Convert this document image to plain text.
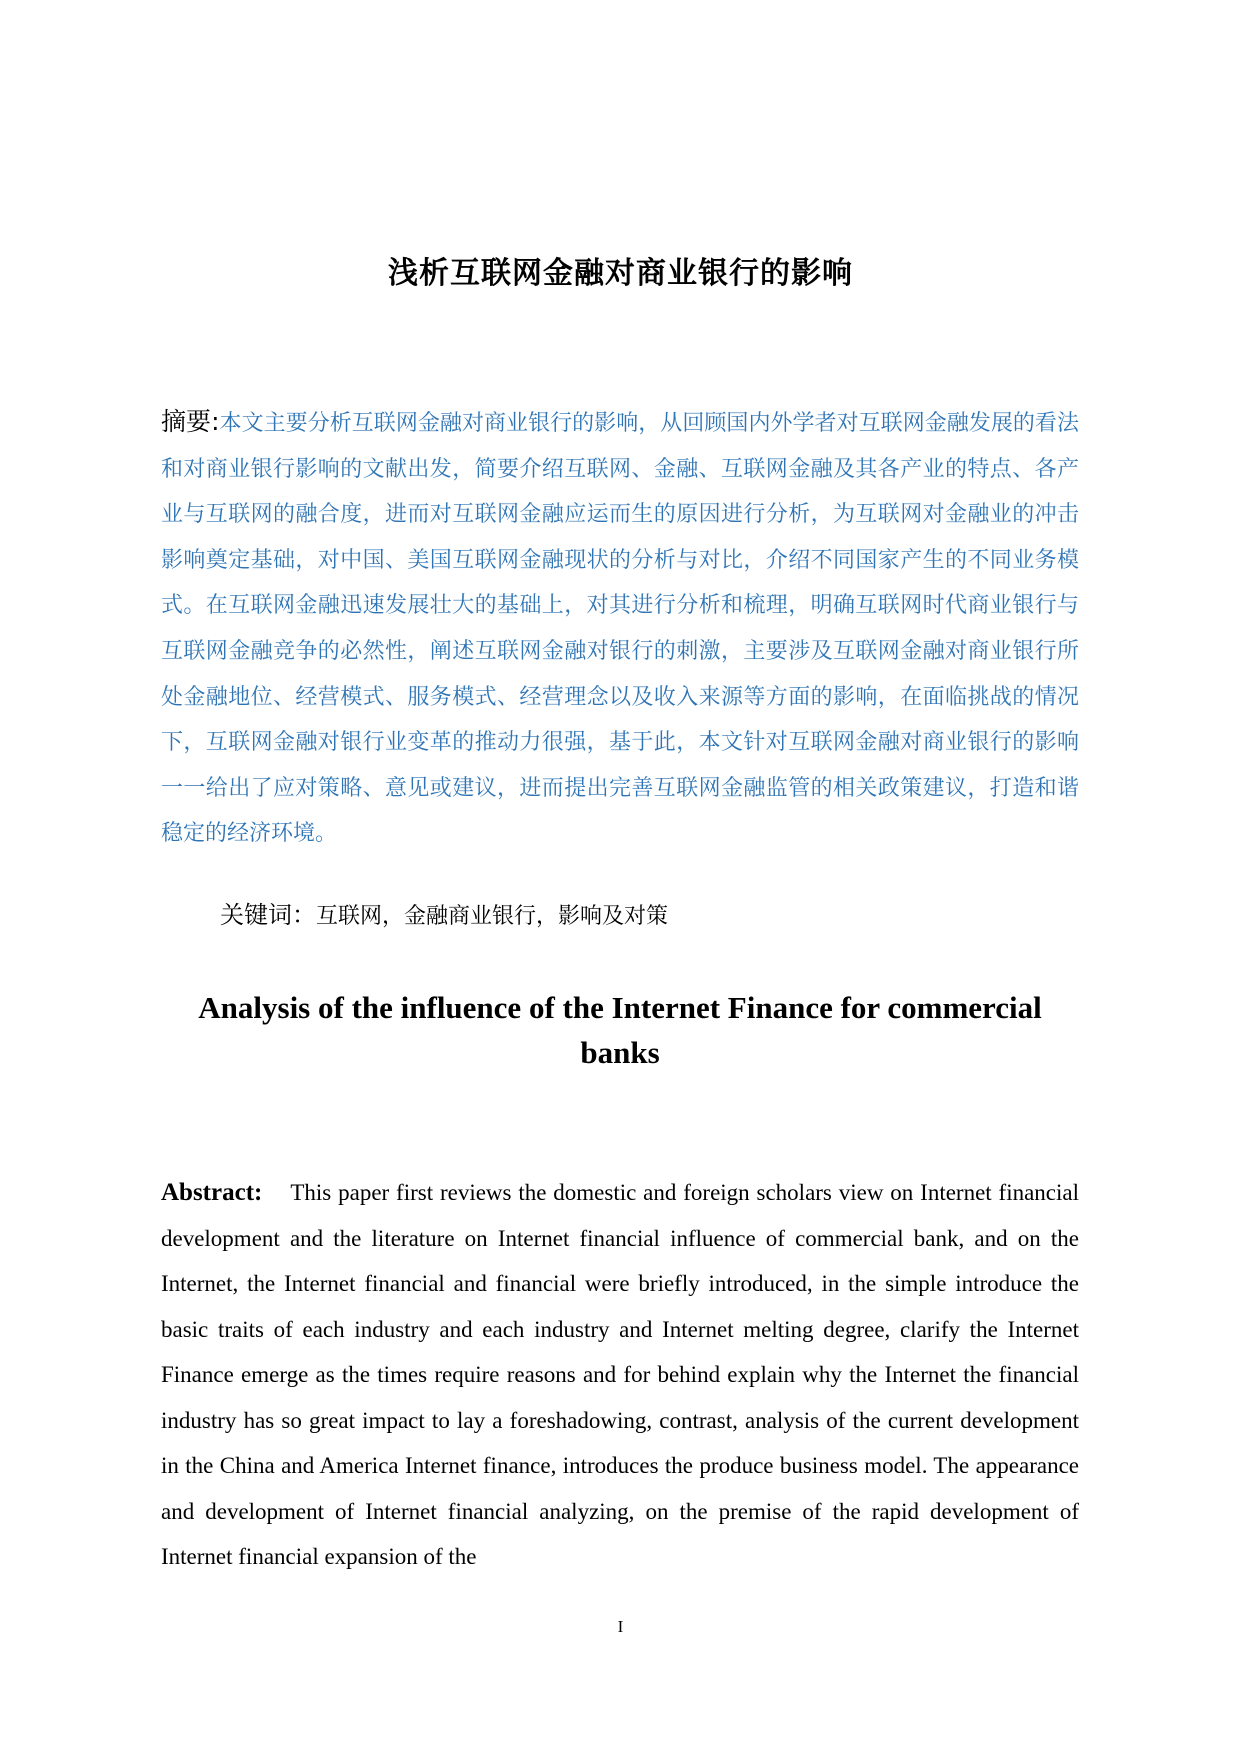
浅析互联网金融对商业银行的影响
摘要:本文主要分析互联网金融对商业银行的影响，从回顾国内外学者对互联网金融发展的看法和对商业银行影响的文献出发，简要介绍互联网、金融、互联网金融及其各产业的特点、各产业与互联网的融合度，进而对互联网金融应运而生的原因进行分析，为互联网对金融业的冲击影响奠定基础，对中国、美国互联网金融现状的分析与对比，介绍不同国家产生的不同业务模式。在互联网金融迅速发展壮大的基础上，对其进行分析和梳理，明确互联网时代商业银行与互联网金融竞争的必然性，阐述互联网金融对银行的刺激，主要涉及互联网金融对商业银行所处金融地位、经营模式、服务模式、经营理念以及收入来源等方面的影响，在面临挑战的情况下，互联网金融对银行业变革的推动力很强，基于此，本文针对互联网金融对商业银行的影响一一给出了应对策略、意见或建议，进而提出完善互联网金融监管的相关政策建议，打造和谐稳定的经济环境。
关键词：互联网，金融商业银行，影响及对策
Analysis of the influence of the Internet Finance for commercial banks
Abstract: This paper first reviews the domestic and foreign scholars view on Internet financial development and the literature on Internet financial influence of commercial bank, and on the Internet, the Internet financial and financial were briefly introduced, in the simple introduce the basic traits of each industry and each industry and Internet melting degree, clarify the Internet Finance emerge as the times require reasons and for behind explain why the Internet the financial industry has so great impact to lay a foreshadowing, contrast, analysis of the current development in the China and America Internet finance, introduces the produce business model. The appearance and development of Internet financial analyzing, on the premise of the rapid development of Internet financial expansion of the
I
